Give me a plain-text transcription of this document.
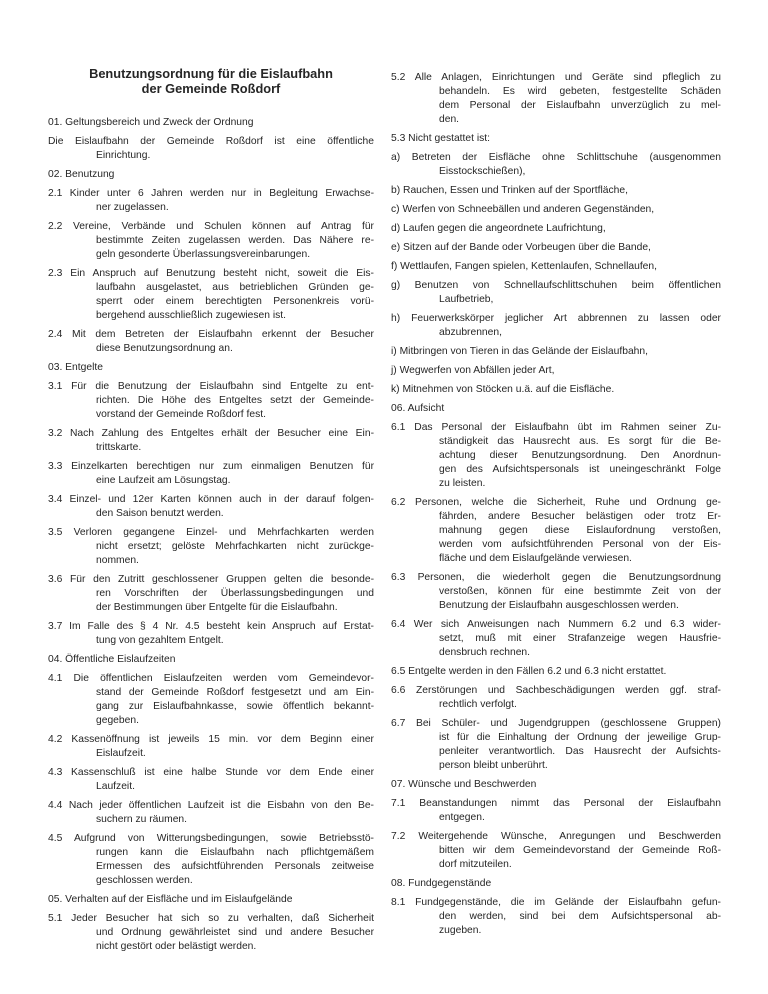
Benutzungsordnung für die Eislaufbahn
der Gemeinde Roßdorf
01. Geltungsbereich und Zweck der Ordnung
Die Eislaufbahn der Gemeinde Roßdorf ist eine öffentliche
Einrichtung.
02. Benutzung
2.1 Kinder unter 6 Jahren werden nur in Begleitung Erwachse-
ner zugelassen.
2.2 Vereine, Verbände und Schulen können auf Antrag für
bestimmte Zeiten zugelassen werden. Das Nähere re-
geln gesonderte Überlassungsvereinbarungen.
2.3 Ein Anspruch auf Benutzung besteht nicht, soweit die Eis-
laufbahn ausgelastet, aus betrieblichen Gründen ge-
sperrt oder einem berechtigten Personenkreis vorü-
bergehend ausschließlich zugewiesen ist.
2.4 Mit dem Betreten der Eislaufbahn erkennt der Besucher
diese Benutzungsordnung an.
03. Entgelte
3.1 Für die Benutzung der Eislaufbahn sind Entgelte zu ent-
richten. Die Höhe des Entgeltes setzt der Gemeinde-
vorstand der Gemeinde Roßdorf fest.
3.2 Nach Zahlung des Entgeltes erhält der Besucher eine Ein-
trittskarte.
3.3 Einzelkarten berechtigen nur zum einmaligen Benutzen für
eine Laufzeit am Lösungstag.
3.4 Einzel- und 12er Karten können auch in der darauf folgen-
den Saison benutzt werden.
3.5 Verloren gegangene Einzel- und Mehrfachkarten werden
nicht ersetzt; gelöste Mehrfachkarten nicht zurückge-
nommen.
3.6 Für den Zutritt geschlossener Gruppen gelten die besonde-
ren Vorschriften der Überlassungsbedingungen und
der Bestimmungen über Entgelte für die Eislaufbahn.
3.7 Im Falle des § 4 Nr. 4.5 besteht kein Anspruch auf Erstat-
tung von gezahltem Entgelt.
04. Öffentliche Eislaufzeiten
4.1 Die öffentlichen Eislaufzeiten werden vom Gemeindevor-
stand der Gemeinde Roßdorf festgesetzt und am Ein-
gang zur Eislaufbahnkasse, sowie öffentlich bekannt-
gegeben.
4.2 Kassenöffnung ist jeweils 15 min. vor dem Beginn einer
Eislaufzeit.
4.3 Kassenschluß ist eine halbe Stunde vor dem Ende einer
Laufzeit.
4.4 Nach jeder öffentlichen Laufzeit ist die Eisbahn von den Be-
suchern zu räumen.
4.5 Aufgrund von Witterungsbedingungen, sowie Betriebsstö-
rungen kann die Eislaufbahn nach pflichtgemäßem
Ermessen des aufsichtführenden Personals zeitweise
geschlossen werden.
05. Verhalten auf der Eisfläche und im Eislaufgelände
5.1 Jeder Besucher hat sich so zu verhalten, daß Sicherheit
und Ordnung gewährleistet sind und andere Besucher
nicht gestört oder belästigt werden.
5.2 Alle Anlagen, Einrichtungen und Geräte sind pfleglich zu
behandeln. Es wird gebeten, festgestellte Schäden
dem Personal der Eislaufbahn unverzüglich zu mel-
den.
5.3 Nicht gestattet ist:
a) Betreten der Eisfläche ohne Schlittschuhe (ausgenommen
Eisstockschießen),
b) Rauchen, Essen und Trinken auf der Sportfläche,
c) Werfen von Schneebällen und anderen Gegenständen,
d) Laufen gegen die angeordnete Laufrichtung,
e) Sitzen auf der Bande oder Vorbeugen über die Bande,
f) Wettlaufen, Fangen spielen, Kettenlaufen, Schnellaufen,
g) Benutzen von Schnellaufschlittschuhen beim öffentlichen
Laufbetrieb,
h) Feuerwerkskörper jeglicher Art abbrennen zu lassen oder
abzubrennen,
i) Mitbringen von Tieren in das Gelände der Eislaufbahn,
j) Wegwerfen von Abfällen jeder Art,
k) Mitnehmen von Stöcken u.ä. auf die Eisfläche.
06. Aufsicht
6.1 Das Personal der Eislaufbahn übt im Rahmen seiner Zu-
ständigkeit das Hausrecht aus. Es sorgt für die Be-
achtung dieser Benutzungsordnung. Den Anordnun-
gen des Aufsichtspersonals ist uneingeschränkt Folge
zu leisten.
6.2 Personen, welche die Sicherheit, Ruhe und Ordnung ge-
fährden, andere Besucher belästigen oder trotz Er-
mahnung gegen diese Eislaufordnung verstoßen,
werden vom aufsichtführenden Personal von der Eis-
fläche und dem Eislaufgelände verwiesen.
6.3 Personen, die wiederholt gegen die Benutzungsordnung
verstoßen, können für eine bestimmte Zeit von der
Benutzung der Eislaufbahn ausgeschlossen werden.
6.4 Wer sich Anweisungen nach Nummern 6.2 und 6.3 wider-
setzt, muß mit einer Strafanzeige wegen Hausfrie-
densbruch rechnen.
6.5 Entgelte werden in den Fällen 6.2 und 6.3 nicht erstattet.
6.6 Zerstörungen und Sachbeschädigungen werden ggf. straf-
rechtlich verfolgt.
6.7 Bei Schüler- und Jugendgruppen (geschlossene Gruppen)
ist für die Einhaltung der Ordnung der jeweilige Grup-
penleiter verantwortlich. Das Hausrecht der Aufsichts-
person bleibt unberührt.
07. Wünsche und Beschwerden
7.1 Beanstandungen nimmt das Personal der Eislaufbahn
entgegen.
7.2 Weitergehende Wünsche, Anregungen und Beschwerden
bitten wir dem Gemeindevorstand der Gemeinde Roß-
dorf mitzuteilen.
08. Fundgegenstände
8.1 Fundgegenstände, die im Gelände der Eislaufbahn gefun-
den werden, sind bei dem Aufsichtspersonal ab-
zugeben.
